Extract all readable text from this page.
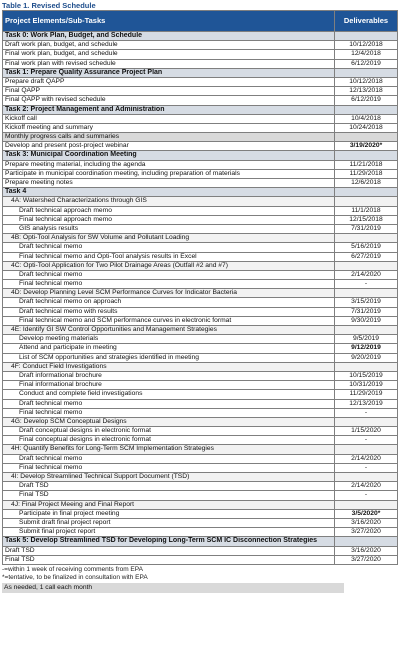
Table 1. Revised Schedule
Project Elements/Sub-Tasks	Deliverables
Task 0: Work Plan, Budget, and Schedule
Draft work plan, budget, and schedule	10/12/2018
Final work plan, budget, and schedule	12/4/2018
Final work plan with revised schedule	6/12/2019
Task 1: Prepare Quality Assurance Project Plan
Prepare draft QAPP	10/12/2018
Final QAPP	12/13/2018
Final QAPP with revised schedule	6/12/2019
Task 2: Project Management and Administration
Kickoff call	10/4/2018
Kickoff meeting and summary	10/24/2018
Monthly progress calls and summaries
Develop and present post-project webinar	3/19/2020*
Task 3: Municipal Coordination Meeting
Prepare meeting material, including the agenda	11/21/2018
Participate in municipal coordination meeting, including preparation of materials	11/29/2018
Prepare meeting notes	12/6/2018
Task 4
4A: Watershed Characterizations through GIS
Draft technical approach memo	11/1/2018
Final technical approach memo	12/15/2018
GIS analysis results	7/31/2019
4B: Opti-Tool Analysis for SW Volume and Pollutant Loading
Draft technical memo	5/16/2019
Final technical memo and Opti-Tool analysis results in Excel	6/27/2019
4C: Opti-Tool Application for Two Pilot Drainage Areas (Outfall #2 and #7)
Draft technical memo	2/14/2020
Final technical memo	-
4D: Develop Planning Level SCM Performance Curves for Indicator Bacteria
Draft technical memo on approach	3/15/2019
Draft technical memo with results	7/31/2019
Final technical memo and SCM performance curves in electronic format	9/30/2019
4E: Identify GI SW Control Opportunities and Management Strategies
Develop meeting materials	9/5/2019
Attend and participate in meeting	9/12/2019
List of SCM opportunities and strategies identified in meeting	9/20/2019
4F: Conduct Field Investigations
Draft informational brochure	10/15/2019
Final informational brochure	10/31/2019
Conduct and complete field investigations	11/29/2019
Draft technical memo	12/13/2019
Final technical memo	-
4G: Develop SCM Conceptual Designs
Draft conceptual designs in electronic format	1/15/2020
Final conceptual designs in electronic format	-
4H: Quantify Benefits for Long-Term SCM Implementation Strategies
Draft technical memo	2/14/2020
Final technical memo	-
4I: Develop Streamlined Technical Support Document (TSD)
Draft TSD	2/14/2020
Final TSD	-
4J: Final Project Meeing and Final Report
Participate in final project meeting	3/5/2020*
Submit draft final project report	3/16/2020
Submit final project report	3/27/2020
Task 5: Develop Streamlined TSD for Developing Long-Term SCM IC Disconnection Strategies
Draft TSD	3/16/2020
Final TSD	3/27/2020
-=within 1 week of receiving comments from EPA
*=tentative, to be finalized in consultation with EPA
As needed, 1 call each month
